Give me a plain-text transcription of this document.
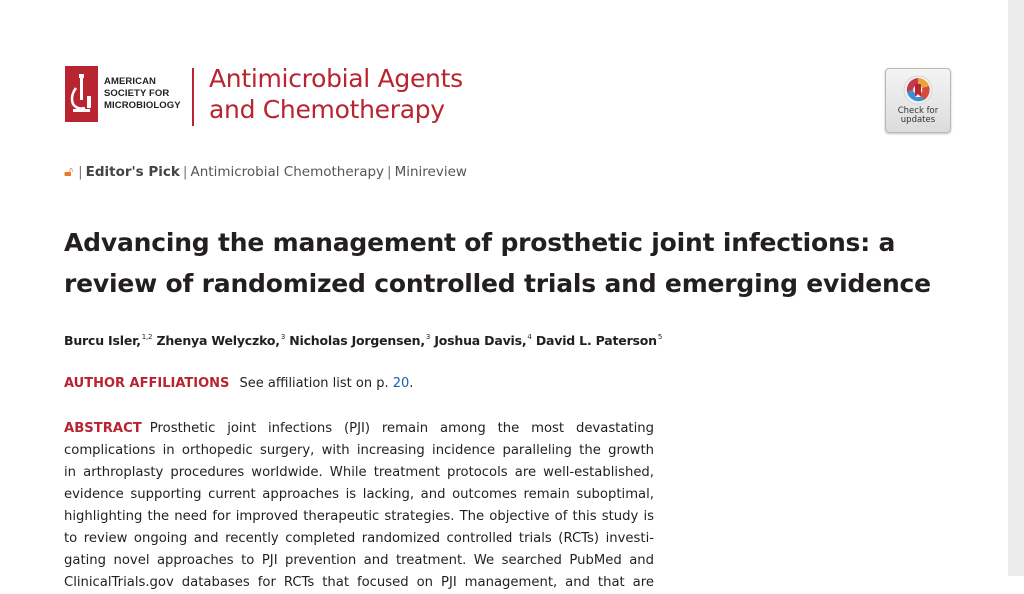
AMERICAN
SOCIETY FOR
MICROBIOLOGY
Antimicrobial Agents
and Chemotherapy	Check for
updates
🔓︎ | Editor's Pick | Antimicrobial Chemotherapy | Minireview
Advancing the management of prosthetic joint infections: a
review of randomized controlled trials and emerging evidence
Burcu Isler,$^{1,2}$ Zhenya Welyczko,$^3$ Nicholas Jorgensen,$^3$ Joshua Davis,$^4$ David L. Paterson$^5$
AUTHOR AFFILIATIONS See affiliation list on p. 20.
ABSTRACT Prosthetic joint infections (PJI) remain among the most devastating
complications in orthopedic surgery, with increasing incidence paralleling the growth
in arthroplasty procedures worldwide. While treatment protocols are well-established,
evidence supporting current approaches is lacking, and outcomes remain suboptimal,
highlighting the need for improved therapeutic strategies. The objective of this study is
to review ongoing and recently completed randomized controlled trials (RCTs) investi-
gating novel approaches to PJI prevention and treatment. We searched PubMed and
ClinicalTrials.gov databases for RCTs that focused on PJI management, and that are
